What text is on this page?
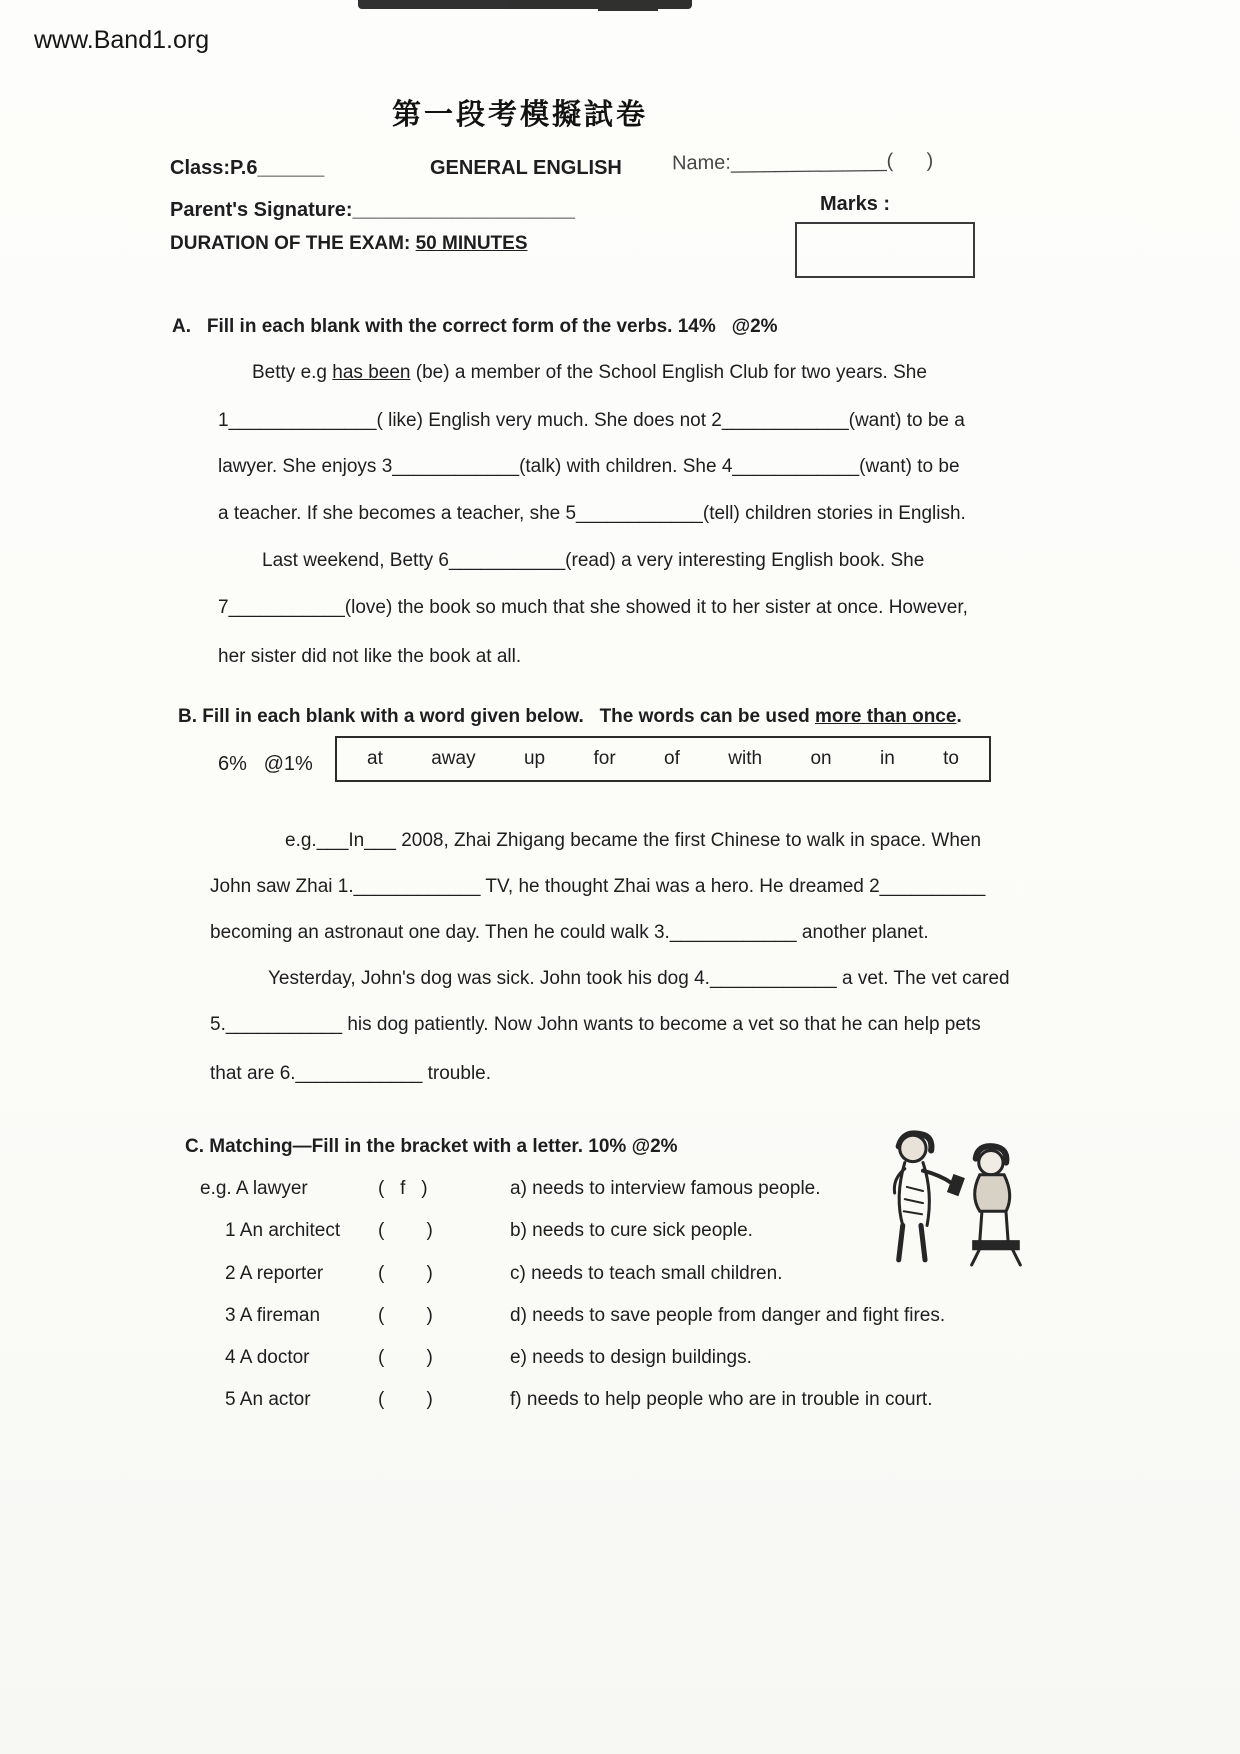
www.Band1.org
第一段考模擬試卷
Class:P.6______	GENERAL ENGLISH	Name:______________(      )
Parent's Signature:____________________	Marks :
DURATION OF THE EXAM: 50 MINUTES
A.   Fill in each blank with the correct form of the verbs. 14%   @2%
Betty e.g has been (be) a member of the School English Club for two years. She
1______________( like) English very much. She does not 2____________(want) to be a
lawyer. She enjoys 3____________(talk) with children. She 4____________(want) to be
a teacher. If she becomes a teacher, she 5____________(tell) children stories in English.
Last weekend, Betty 6___________(read) a very interesting English book. She
7___________(love) the book so much that she showed it to her sister at once. However,
her sister did not like the book at all.
B. Fill in each blank with a word given below.   The words can be used more than once.
6%   @1%	at	away	up	for	of	with	on	in	to
e.g.___In___ 2008, Zhai Zhigang became the first Chinese to walk in space. When
John saw Zhai 1.____________ TV, he thought Zhai was a hero. He dreamed 2__________
becoming an astronaut one day. Then he could walk 3.____________ another planet.
Yesterday, John's dog was sick. John took his dog 4.____________ a vet. The vet cared
5.___________ his dog patiently. Now John wants to become a vet so that he can help pets
that are 6.____________ trouble.
C. Matching—Fill in the bracket with a letter. 10% @2%
e.g. A lawyer	(   f   )	a) needs to interview famous people.
1 An architect	(        )	b) needs to cure sick people.
2 A reporter	(        )	c) needs to teach small children.
3 A fireman	(        )	d) needs to save people from danger and fight fires.
4 A doctor	(        )	e) needs to design buildings.
5 An actor	(        )	f) needs to help people who are in trouble in court.
